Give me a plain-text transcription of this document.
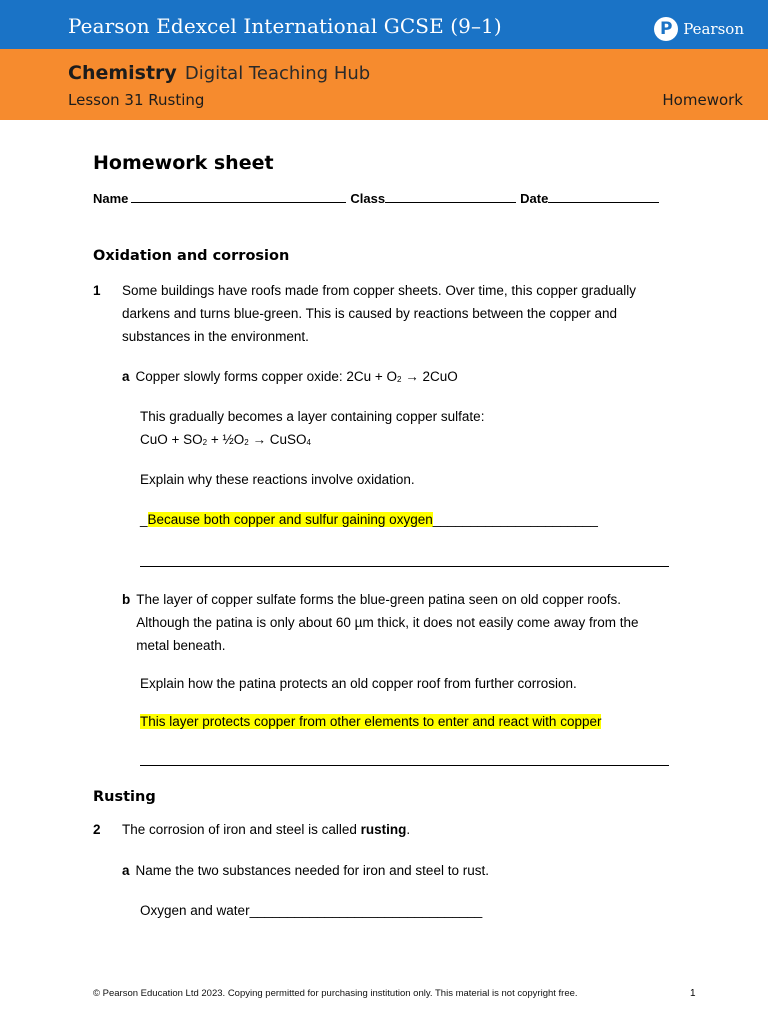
Pearson Edexcel International GCSE (9–1)	P Pearson
Chemistry Digital Teaching Hub
Lesson 31 Rusting	Homework
Homework sheet
Name	Class	Date
Oxidation and corrosion
1 Some buildings have roofs made from copper sheets. Over time, this copper gradually darkens and turns blue-green. This is caused by reactions between the copper and substances in the environment.
a Copper slowly forms copper oxide: $2Cu + O_2 \to 2CuO$
This gradually becomes a layer containing copper sulfate:
CuO + $SO_2$ + $\frac{1}{2}O_2$ → CuSO$_4$
Explain why these reactions involve oxidation.
_Because both copper and sulfur gaining oxygen______________________
b The layer of copper sulfate forms the blue-green patina seen on old copper roofs. Although the patina is only about 60 µm thick, it does not easily come away from the metal beneath.
Explain how the patina protects an old copper roof from further corrosion.
This layer protects copper from other elements to enter and react with copper
Rusting
2 The corrosion of iron and steel is called rusting.
a Name the two substances needed for iron and steel to rust.
Oxygen and water_______________________________
© Pearson Education Ltd 2023. Copying permitted for purchasing institution only. This material is not copyright free.	1
